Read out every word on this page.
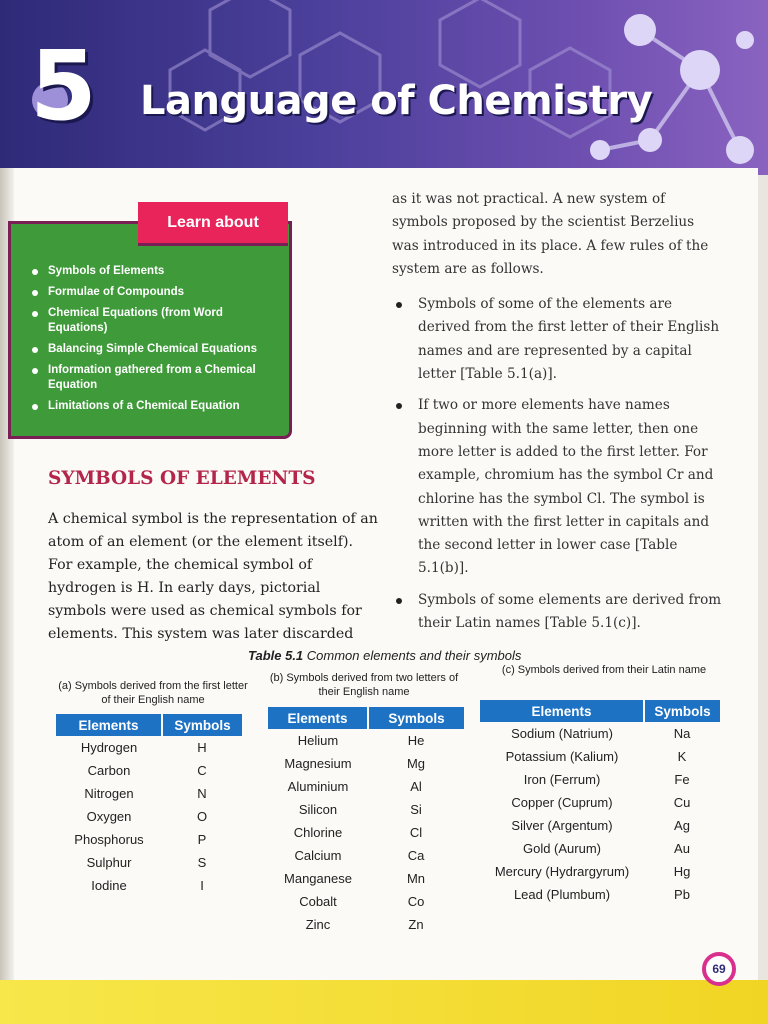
5 Language of Chemistry
Learn about
Symbols of Elements
Formulae of Compounds
Chemical Equations (from Word Equations)
Balancing Simple Chemical Equations
Information gathered from a Chemical Equation
Limitations of a Chemical Equation
SYMBOLS OF ELEMENTS
A chemical symbol is the representation of an atom of an element (or the element itself). For example, the chemical symbol of hydrogen is H. In early days, pictorial symbols were used as chemical symbols for elements. This system was later discarded

as it was not practical. A new system of symbols proposed by the scientist Berzelius was introduced in its place. A few rules of the system are as follows.

Symbols of some of the elements are derived from the first letter of their English names and are represented by a capital letter [Table 5.1(a)].
If two or more elements have names beginning with the same letter, then one more letter is added to the first letter. For example, chromium has the symbol Cr and chlorine has the symbol Cl. The symbol is written with the first letter in capitals and the second letter in lower case [Table 5.1(b)].
Symbols of some elements are derived from their Latin names [Table 5.1(c)].
Table 5.1 Common elements and their symbols
(a) Symbols derived from the first letter of their English name
(b) Symbols derived from two letters of their English name
(c) Symbols derived from their Latin name
Elements	Symbols
Hydrogen	H
Carbon	C
Nitrogen	N
Oxygen	O
Phosphorus	P
Sulphur	S
Iodine	I
Elements	Symbols
Helium	He
Magnesium	Mg
Aluminium	Al
Silicon	Si
Chlorine	Cl
Calcium	Ca
Manganese	Mn
Cobalt	Co
Zinc	Zn
Elements	Symbols
Sodium (Natrium)	Na
Potassium (Kalium)	K
Iron (Ferrum)	Fe
Copper (Cuprum)	Cu
Silver (Argentum)	Ag
Gold (Aurum)	Au
Mercury (Hydrargyrum)	Hg
Lead (Plumbum)	Pb
69
